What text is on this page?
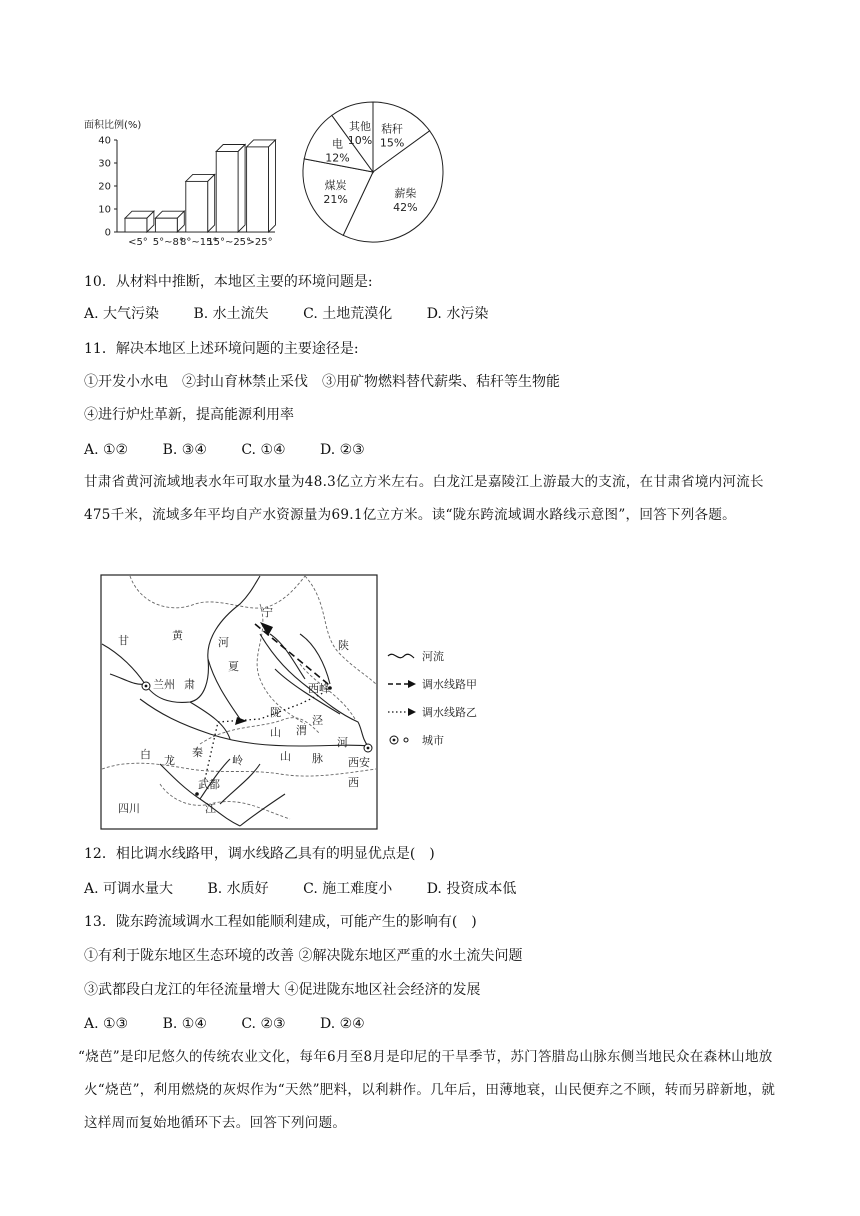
面积比例(%)
0
10
20
30
40
<5° 5°~8°
8°~15°
15°~25°
>25°
秸秆
15%
薪柴
42%
煤炭
21%
电
12%
其他
10%
10．从材料中推断，本地区主要的环境问题是:
A. 大气污染 B. 水土流失 C. 土地荒漠化 D. 水污染
11．解决本地区上述环境问题的主要途径是:
①开发小水电　②封山育林禁止采伐　③用矿物燃料替代薪柴、秸秆等生物能
④进行炉灶革新，提高能源利用率
A. ①② B. ③④ C. ①④ D. ②③
甘肃省黄河流域地表水年可取水量为48.3亿立方米左右。白龙江是嘉陵江上游最大的支流，在甘肃省境内河流长475千米，流域多年平均自产水资源量为69.1亿立方米。读“陇东跨流域调水路线示意图”，回答下列各题。
甘	黄
河
宁
夏
陕
兰州 肃	西峰
陇
山 渭
泾
河
西安
西
白 龙
秦
岭	山 脉
武都
江
四川
河流
调水线路甲
调水线路乙
城市
12．相比调水线路甲，调水线路乙具有的明显优点是(　)
A. 可调水量大 B. 水质好 C. 施工难度小 D. 投资成本低
13．陇东跨流域调水工程如能顺利建成，可能产生的影响有(　)
①有利于陇东地区生态环境的改善 ②解决陇东地区严重的水土流失问题
③武都段白龙江的年径流量增大 ④促进陇东地区社会经济的发展
A. ①③ B. ①④ C. ②③ D. ②④
“烧芭”是印尼悠久的传统农业文化，每年6月至8月是印尼的干旱季节，苏门答腊岛山脉东侧当地民众在森林山地放火“烧芭”，利用燃烧的灰烬作为“天然”肥料，以利耕作。几年后，田薄地衰，山民便弃之不顾，转而另辟新地，就这样周而复始地循环下去。回答下列问题。
